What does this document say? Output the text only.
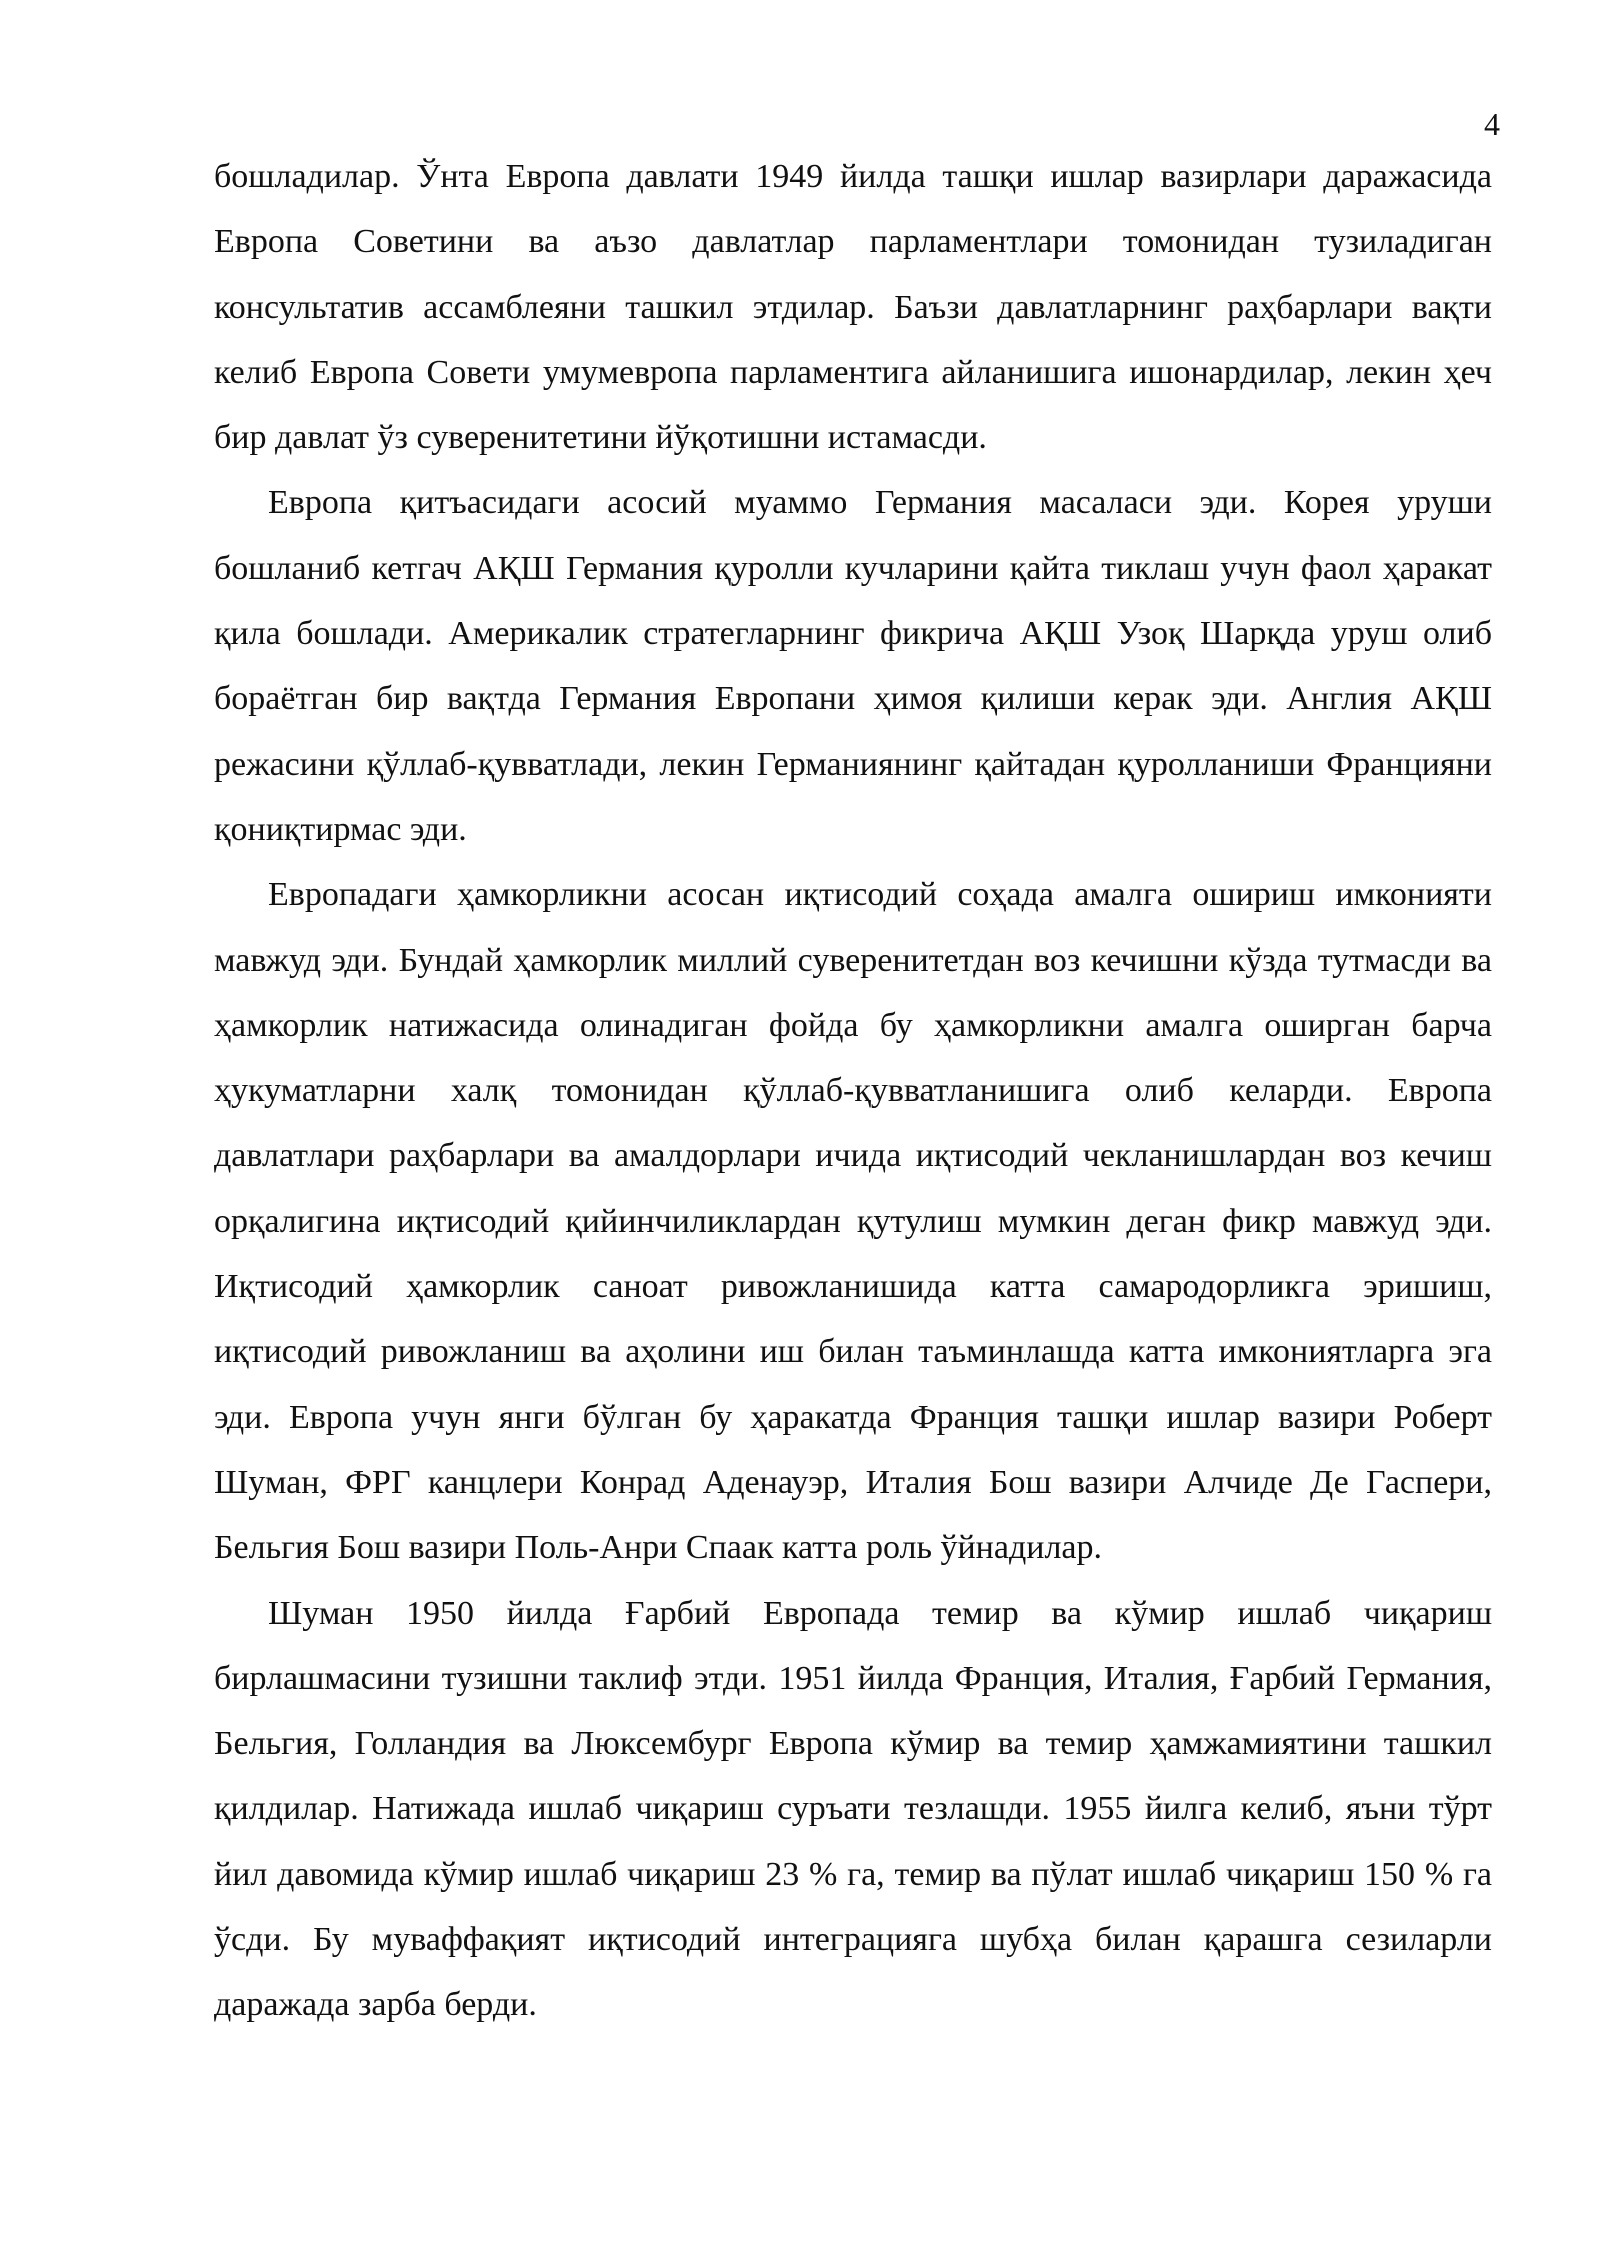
4

бошладилар. Ўнта Европа давлати 1949 йилда ташқи ишлар вазирлари даражасида Европа Советини ва аъзо давлатлар парламентлари томонидан тузиладиган консультатив ассамблеяни ташкил этдилар. Баъзи давлатларнинг раҳбарлари вақти келиб Европа Совети умумевропа парламентига айланишига ишонардилар, лекин ҳеч бир давлат ўз суверенитетини йўқотишни истамасди.

Европа қитъасидаги асосий муаммо Германия масаласи эди. Корея уруши бошланиб кетгач АҚШ Германия қуролли кучларини қайта тиклаш учун фаол ҳаракат қила бошлади. Америкалик стратегларнинг фикрича АҚШ Узоқ Шарқда уруш олиб бораётган бир вақтда Германия Европани ҳимоя қилиши керак эди. Англия АҚШ режасини қўллаб-қувватлади, лекин Германиянинг қайтадан қуролланиши Францияни қониқтирмас эди.

Европадаги ҳамкорликни асосан иқтисодий соҳада амалга ошириш имконияти мавжуд эди. Бундай ҳамкорлик миллий суверенитетдан воз кечишни кўзда тутмасди ва ҳамкорлик натижасида олинадиган фойда бу ҳамкорликни амалга оширган барча ҳукуматларни халқ томонидан қўллаб-қувватланишига олиб келарди. Европа давлатлари раҳбарлари ва амалдорлари ичида иқтисодий чекланишлардан воз кечиш орқалигина иқтисодий қийинчиликлардан қутулиш мумкин деган фикр мавжуд эди. Иқтисодий ҳамкорлик саноат ривожланишида катта самародорликга эришиш, иқтисодий ривожланиш ва аҳолини иш билан таъминлашда катта имкониятларга эга эди. Европа учун янги бўлган бу ҳаракатда Франция ташқи ишлар вазири Роберт Шуман, ФРГ канцлери Конрад Аденауэр, Италия Бош вазири Алчиде Де Гаспери, Бельгия Бош вазири Поль-Анри Спаак катта роль ўйнадилар.

Шуман 1950 йилда Ғарбий Европада темир ва кўмир ишлаб чиқариш бирлашмасини тузишни таклиф этди. 1951 йилда Франция, Италия, Ғарбий Германия, Бельгия, Голландия ва Люксембург Европа кўмир ва темир ҳамжамиятини ташкил қилдилар. Натижада ишлаб чиқариш суръати тезлашди. 1955 йилга келиб, яъни тўрт йил давомида кўмир ишлаб чиқариш 23 % га, темир ва пўлат ишлаб чиқариш 150 % га ўсди. Бу муваффақият иқтисодий интеграцияга шубҳа билан қарашга сезиларли даражада зарба берди.
